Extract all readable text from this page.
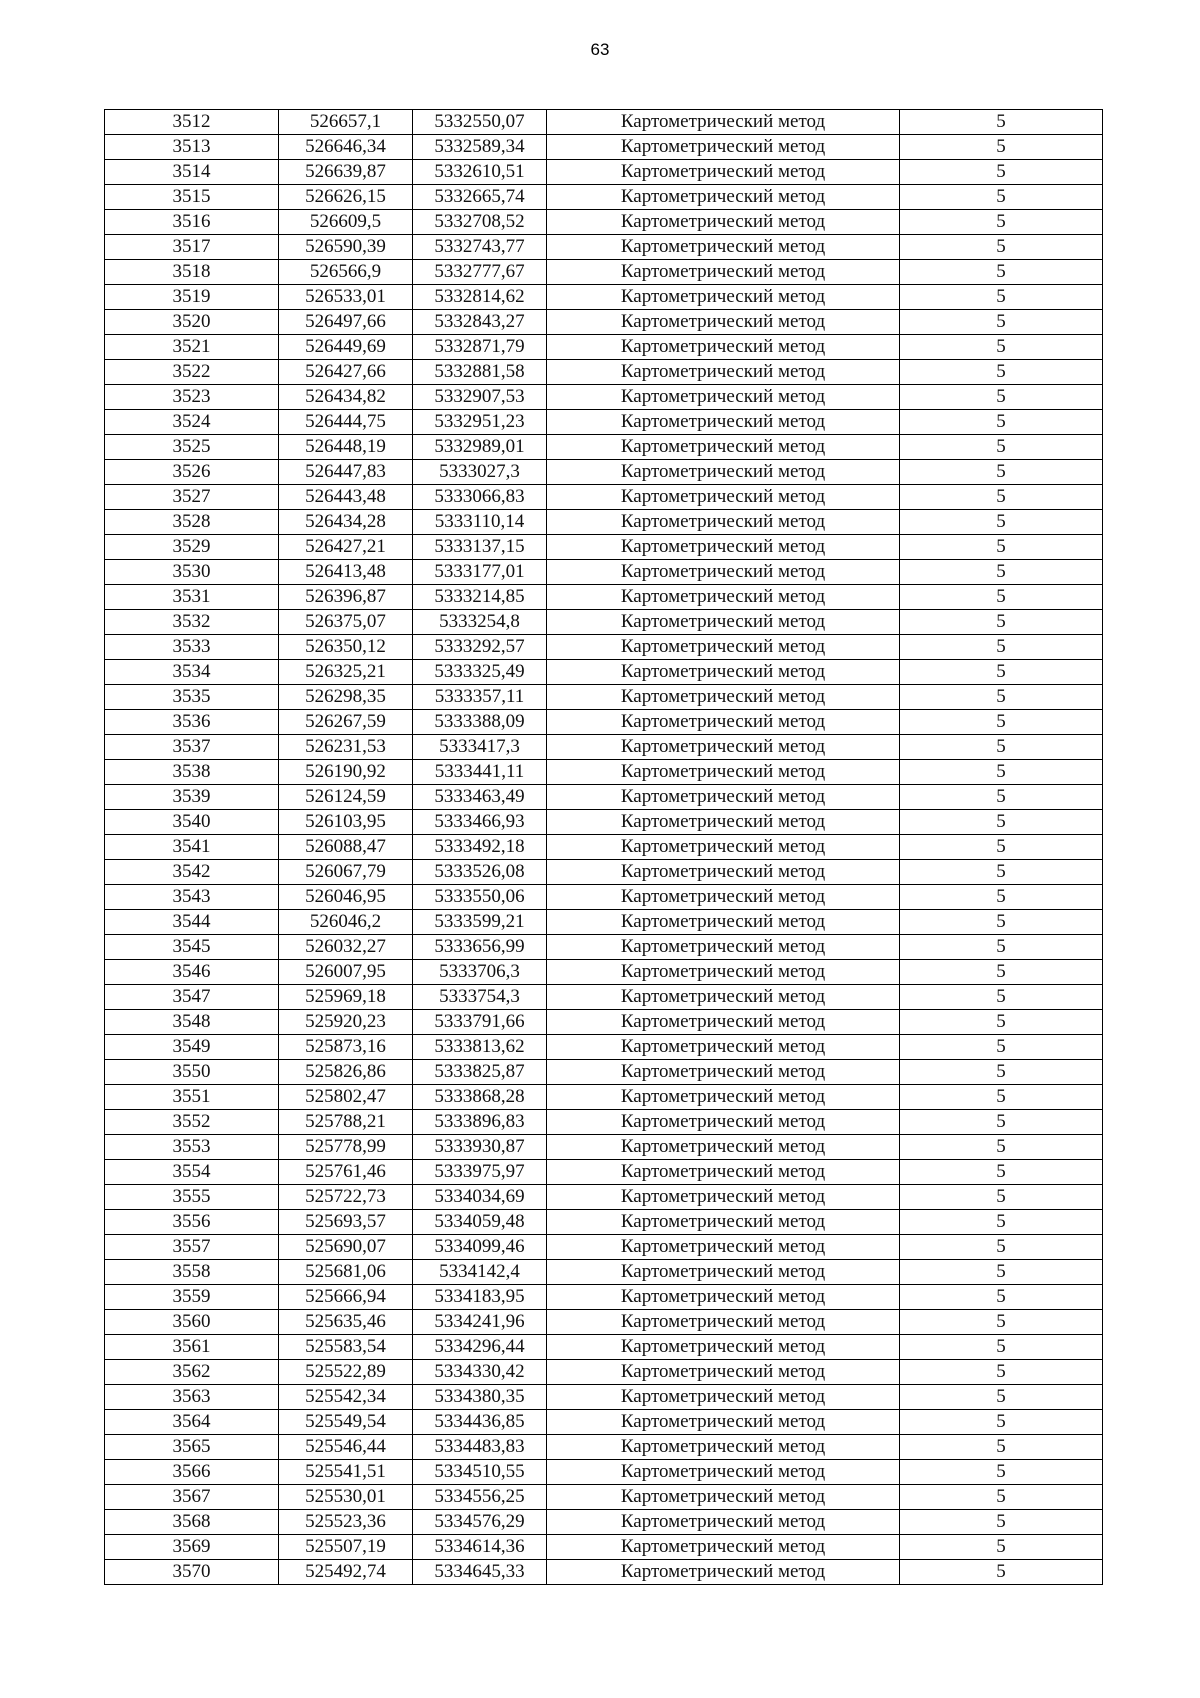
63
3512	526657,1	5332550,07	Картометрический метод	5
3513	526646,34	5332589,34	Картометрический метод	5
3514	526639,87	5332610,51	Картометрический метод	5
3515	526626,15	5332665,74	Картометрический метод	5
3516	526609,5	5332708,52	Картометрический метод	5
3517	526590,39	5332743,77	Картометрический метод	5
3518	526566,9	5332777,67	Картометрический метод	5
3519	526533,01	5332814,62	Картометрический метод	5
3520	526497,66	5332843,27	Картометрический метод	5
3521	526449,69	5332871,79	Картометрический метод	5
3522	526427,66	5332881,58	Картометрический метод	5
3523	526434,82	5332907,53	Картометрический метод	5
3524	526444,75	5332951,23	Картометрический метод	5
3525	526448,19	5332989,01	Картометрический метод	5
3526	526447,83	5333027,3	Картометрический метод	5
3527	526443,48	5333066,83	Картометрический метод	5
3528	526434,28	5333110,14	Картометрический метод	5
3529	526427,21	5333137,15	Картометрический метод	5
3530	526413,48	5333177,01	Картометрический метод	5
3531	526396,87	5333214,85	Картометрический метод	5
3532	526375,07	5333254,8	Картометрический метод	5
3533	526350,12	5333292,57	Картометрический метод	5
3534	526325,21	5333325,49	Картометрический метод	5
3535	526298,35	5333357,11	Картометрический метод	5
3536	526267,59	5333388,09	Картометрический метод	5
3537	526231,53	5333417,3	Картометрический метод	5
3538	526190,92	5333441,11	Картометрический метод	5
3539	526124,59	5333463,49	Картометрический метод	5
3540	526103,95	5333466,93	Картометрический метод	5
3541	526088,47	5333492,18	Картометрический метод	5
3542	526067,79	5333526,08	Картометрический метод	5
3543	526046,95	5333550,06	Картометрический метод	5
3544	526046,2	5333599,21	Картометрический метод	5
3545	526032,27	5333656,99	Картометрический метод	5
3546	526007,95	5333706,3	Картометрический метод	5
3547	525969,18	5333754,3	Картометрический метод	5
3548	525920,23	5333791,66	Картометрический метод	5
3549	525873,16	5333813,62	Картометрический метод	5
3550	525826,86	5333825,87	Картометрический метод	5
3551	525802,47	5333868,28	Картометрический метод	5
3552	525788,21	5333896,83	Картометрический метод	5
3553	525778,99	5333930,87	Картометрический метод	5
3554	525761,46	5333975,97	Картометрический метод	5
3555	525722,73	5334034,69	Картометрический метод	5
3556	525693,57	5334059,48	Картометрический метод	5
3557	525690,07	5334099,46	Картометрический метод	5
3558	525681,06	5334142,4	Картометрический метод	5
3559	525666,94	5334183,95	Картометрический метод	5
3560	525635,46	5334241,96	Картометрический метод	5
3561	525583,54	5334296,44	Картометрический метод	5
3562	525522,89	5334330,42	Картометрический метод	5
3563	525542,34	5334380,35	Картометрический метод	5
3564	525549,54	5334436,85	Картометрический метод	5
3565	525546,44	5334483,83	Картометрический метод	5
3566	525541,51	5334510,55	Картометрический метод	5
3567	525530,01	5334556,25	Картометрический метод	5
3568	525523,36	5334576,29	Картометрический метод	5
3569	525507,19	5334614,36	Картометрический метод	5
3570	525492,74	5334645,33	Картометрический метод	5
